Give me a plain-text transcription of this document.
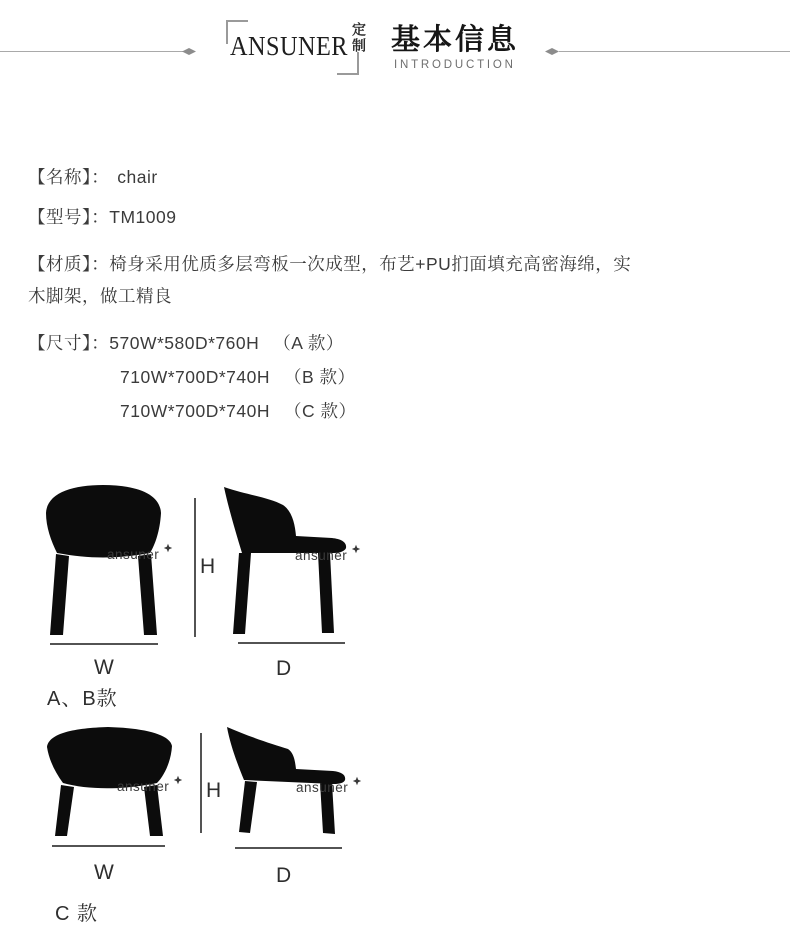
ANSUNER 定制 基本信息
INTRODUCTION
【名称】： chair
【型号】：TM1009
【材质】：椅身采用优质多层弯板一次成型，布艺+PU扪面填充高密海绵，实
木脚架，做工精良
【尺寸】：570W*580D*760H （A 款）
710W*700D*740H （B 款）
710W*700D*740H （C 款）
ansuner	ansuner
H
W	D
A、B款
ansuner	ansuner
H
W	D
C 款
